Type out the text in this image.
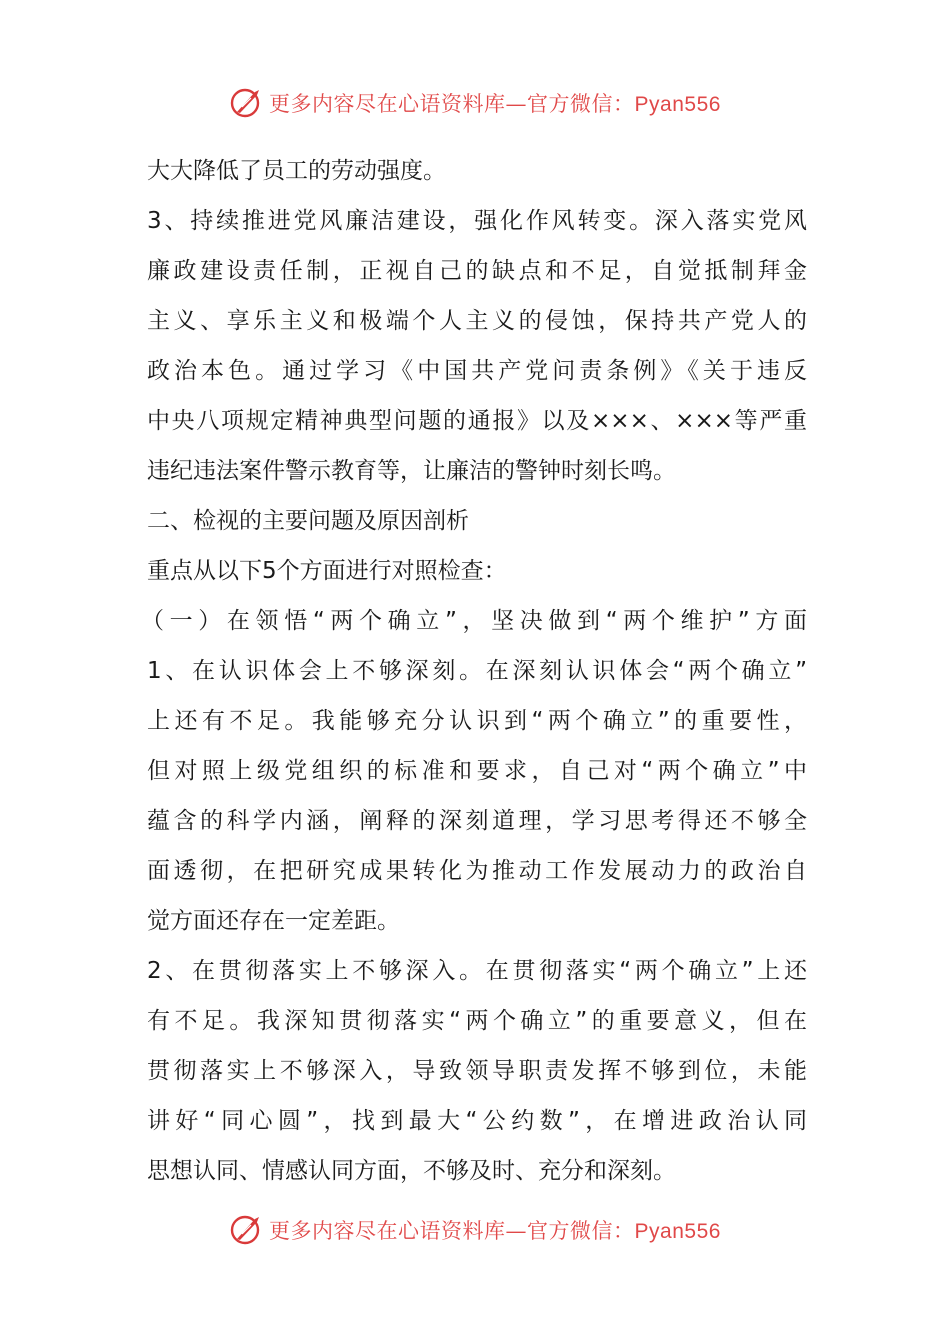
更多内容尽在心语资料库—官方微信：Pyan556
大大降低了员工的劳动强度。
3、持续推进党风廉洁建设，强化作风转变。深入落实党风
廉政建设责任制，正视自己的缺点和不足，自觉抵制拜金
主义、享乐主义和极端个人主义的侵蚀，保持共产党人的
政治本色。通过学习《中国共产党问责条例》《关于违反
中央八项规定精神典型问题的通报》以及×××、×××等严重
违纪违法案件警示教育等，让廉洁的警钟时刻长鸣。
二、检视的主要问题及原因剖析
重点从以下5个方面进行对照检查：
（一）在领悟“两个确立”，坚决做到“两个维护”方面
1、在认识体会上不够深刻。在深刻认识体会“两个确立”
上还有不足。我能够充分认识到“两个确立”的重要性，
但对照上级党组织的标准和要求，自己对“两个确立”中
蕴含的科学内涵，阐释的深刻道理，学习思考得还不够全
面透彻，在把研究成果转化为推动工作发展动力的政治自
觉方面还存在一定差距。
2、在贯彻落实上不够深入。在贯彻落实“两个确立”上还
有不足。我深知贯彻落实“两个确立”的重要意义，但在
贯彻落实上不够深入，导致领导职责发挥不够到位，未能
讲好“同心圆”，找到最大“公约数”，在增进政治认同
思想认同、情感认同方面，不够及时、充分和深刻。
更多内容尽在心语资料库—官方微信：Pyan556
